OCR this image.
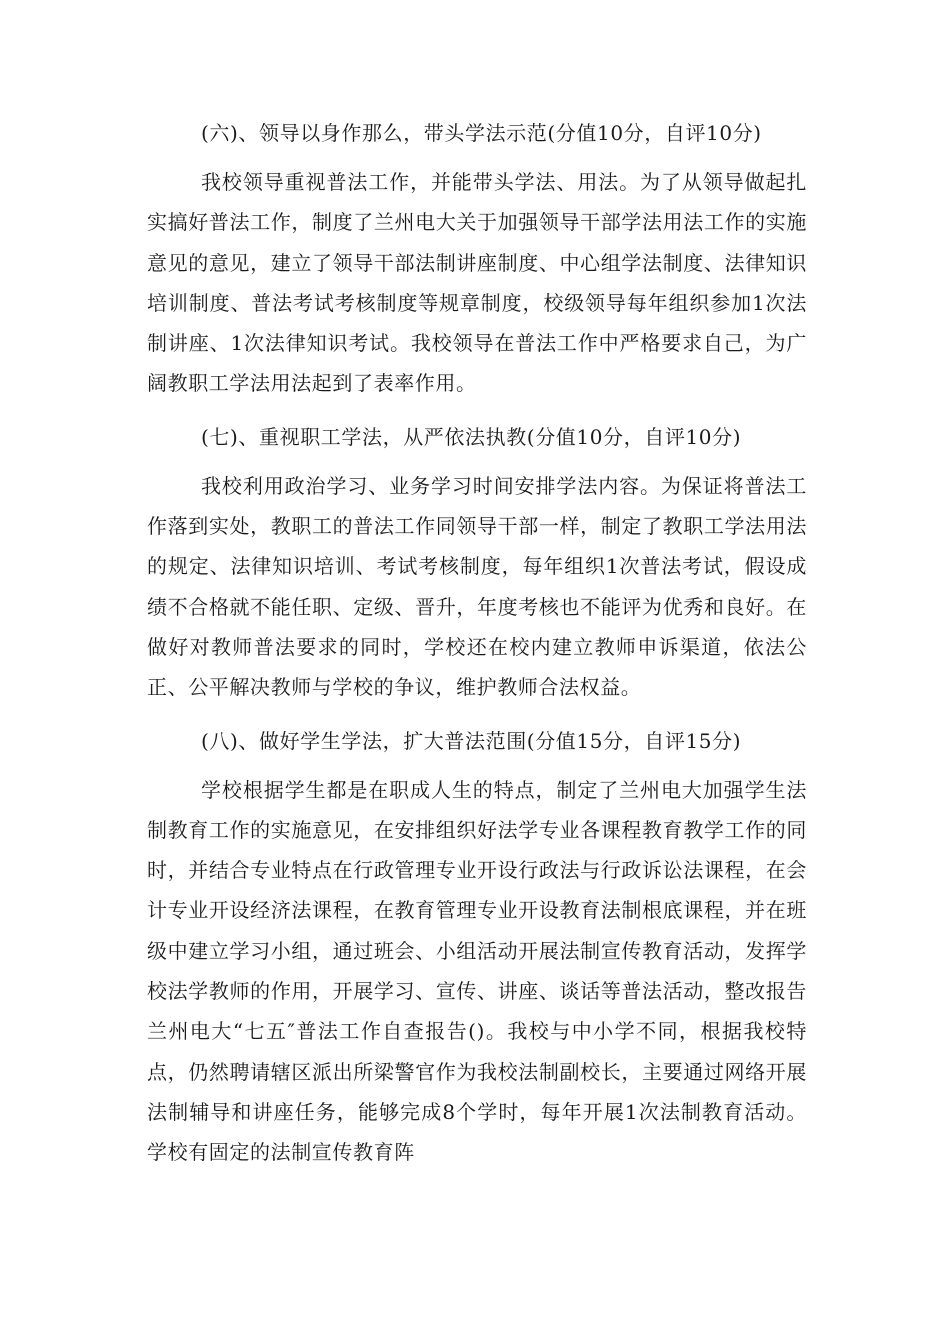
(六)、领导以身作那么，带头学法示范(分值10分，自评10分)

我校领导重视普法工作，并能带头学法、用法。为了从领导做起扎实搞好普法工作，制度了兰州电大关于加强领导干部学法用法工作的实施意见的意见，建立了领导干部法制讲座制度、中心组学法制度、法律知识培训制度、普法考试考核制度等规章制度，校级领导每年组织参加1次法制讲座、1次法律知识考试。我校领导在普法工作中严格要求自己，为广阔教职工学法用法起到了表率作用。

(七)、重视职工学法，从严依法执教(分值10分，自评10分)

我校利用政治学习、业务学习时间安排学法内容。为保证将普法工作落到实处，教职工的普法工作同领导干部一样，制定了教职工学法用法的规定、法律知识培训、考试考核制度，每年组织1次普法考试，假设成绩不合格就不能任职、定级、晋升，年度考核也不能评为优秀和良好。在做好对教师普法要求的同时，学校还在校内建立教师申诉渠道，依法公正、公平解决教师与学校的争议，维护教师合法权益。

(八)、做好学生学法，扩大普法范围(分值15分，自评15分)

学校根据学生都是在职成人生的特点，制定了兰州电大加强学生法制教育工作的实施意见，在安排组织好法学专业各课程教育教学工作的同时，并结合专业特点在行政管理专业开设行政法与行政诉讼法课程，在会计专业开设经济法课程，在教育管理专业开设教育法制根底课程，并在班级中建立学习小组，通过班会、小组活动开展法制宣传教育活动，发挥学校法学教师的作用，开展学习、宣传、讲座、谈话等普法活动，整改报告兰州电大“七五″普法工作自查报告()。我校与中小学不同，根据我校特点，仍然聘请辖区派出所梁警官作为我校法制副校长，主要通过网络开展法制辅导和讲座任务，能够完成8个学时，每年开展1次法制教育活动。学校有固定的法制宣传教育阵
